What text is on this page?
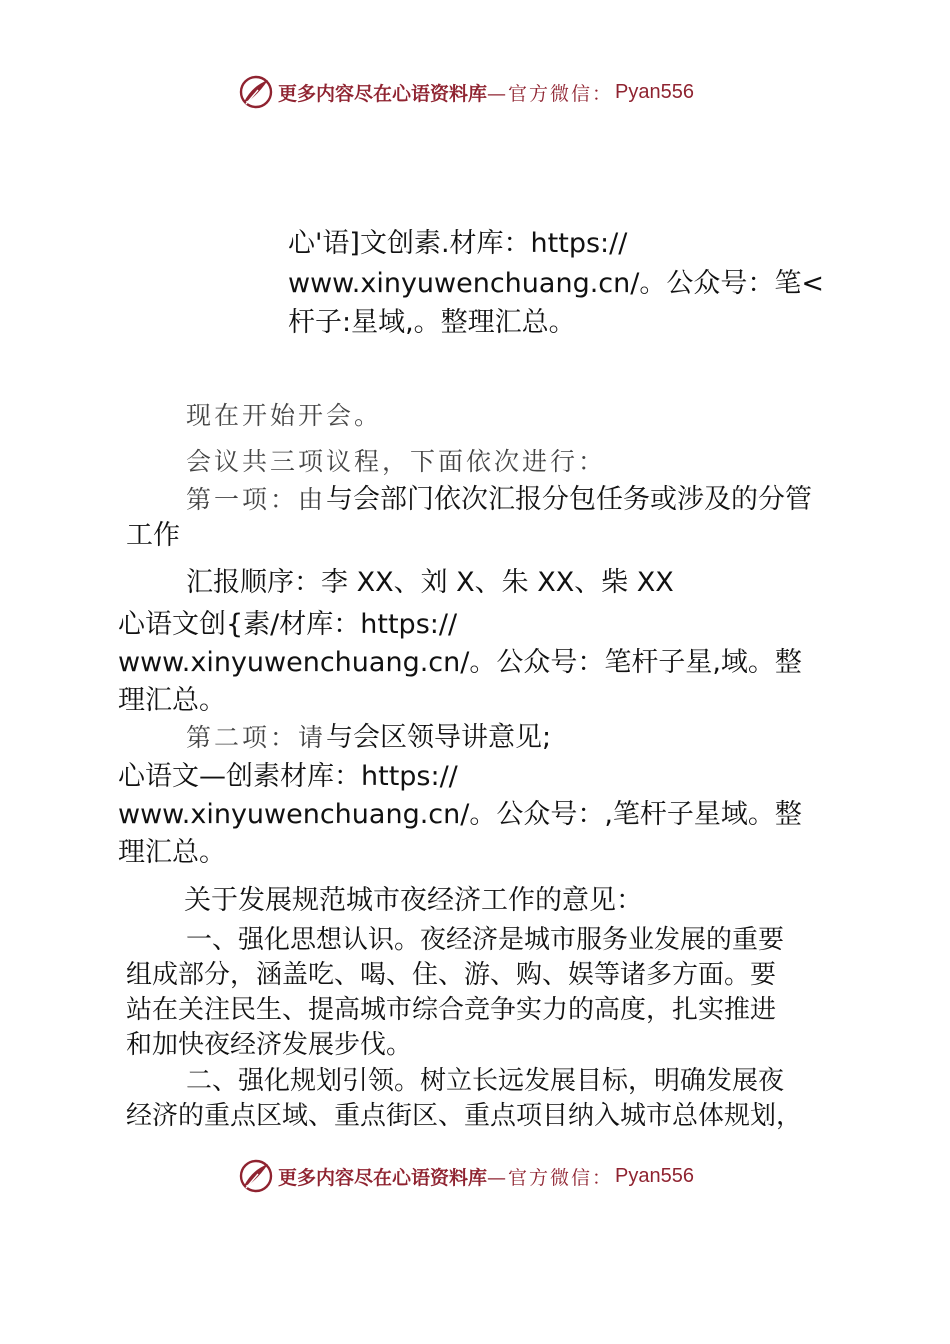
更多内容尽在心语资料库 —官方微信： Pyan556

心'语]文创素.材库：https://

www.xinyuwenchuang.cn/。公众号：笔<

杆子:星域,。整理汇总。

现在开始开会。

会议共三项议程，下面依次进行：

第一项：由与会部门依次汇报分包任务或涉及的分管

工作

汇报顺序：李 XX、刘 X、朱 XX、柴 XX

心语文创{素/材库：https://

www.xinyuwenchuang.cn/。公众号：笔杆子星,域。整

理汇总。

第二项：请与会区领导讲意见;

心语文—创素材库：https://

www.xinyuwenchuang.cn/。公众号：,笔杆子星域。整

理汇总。

关于发展规范城市夜经济工作的意见：

一、强化思想认识。夜经济是城市服务业发展的重要

组成部分，涵盖吃、喝、住、游、购、娱等诸多方面。要

站在关注民生、提高城市综合竞争实力的高度，扎实推进

和加快夜经济发展步伐。

二、强化规划引领。树立长远发展目标，明确发展夜

经济的重点区域、重点街区、重点项目纳入城市总体规划，

更多内容尽在心语资料库 —官方微信： Pyan556
